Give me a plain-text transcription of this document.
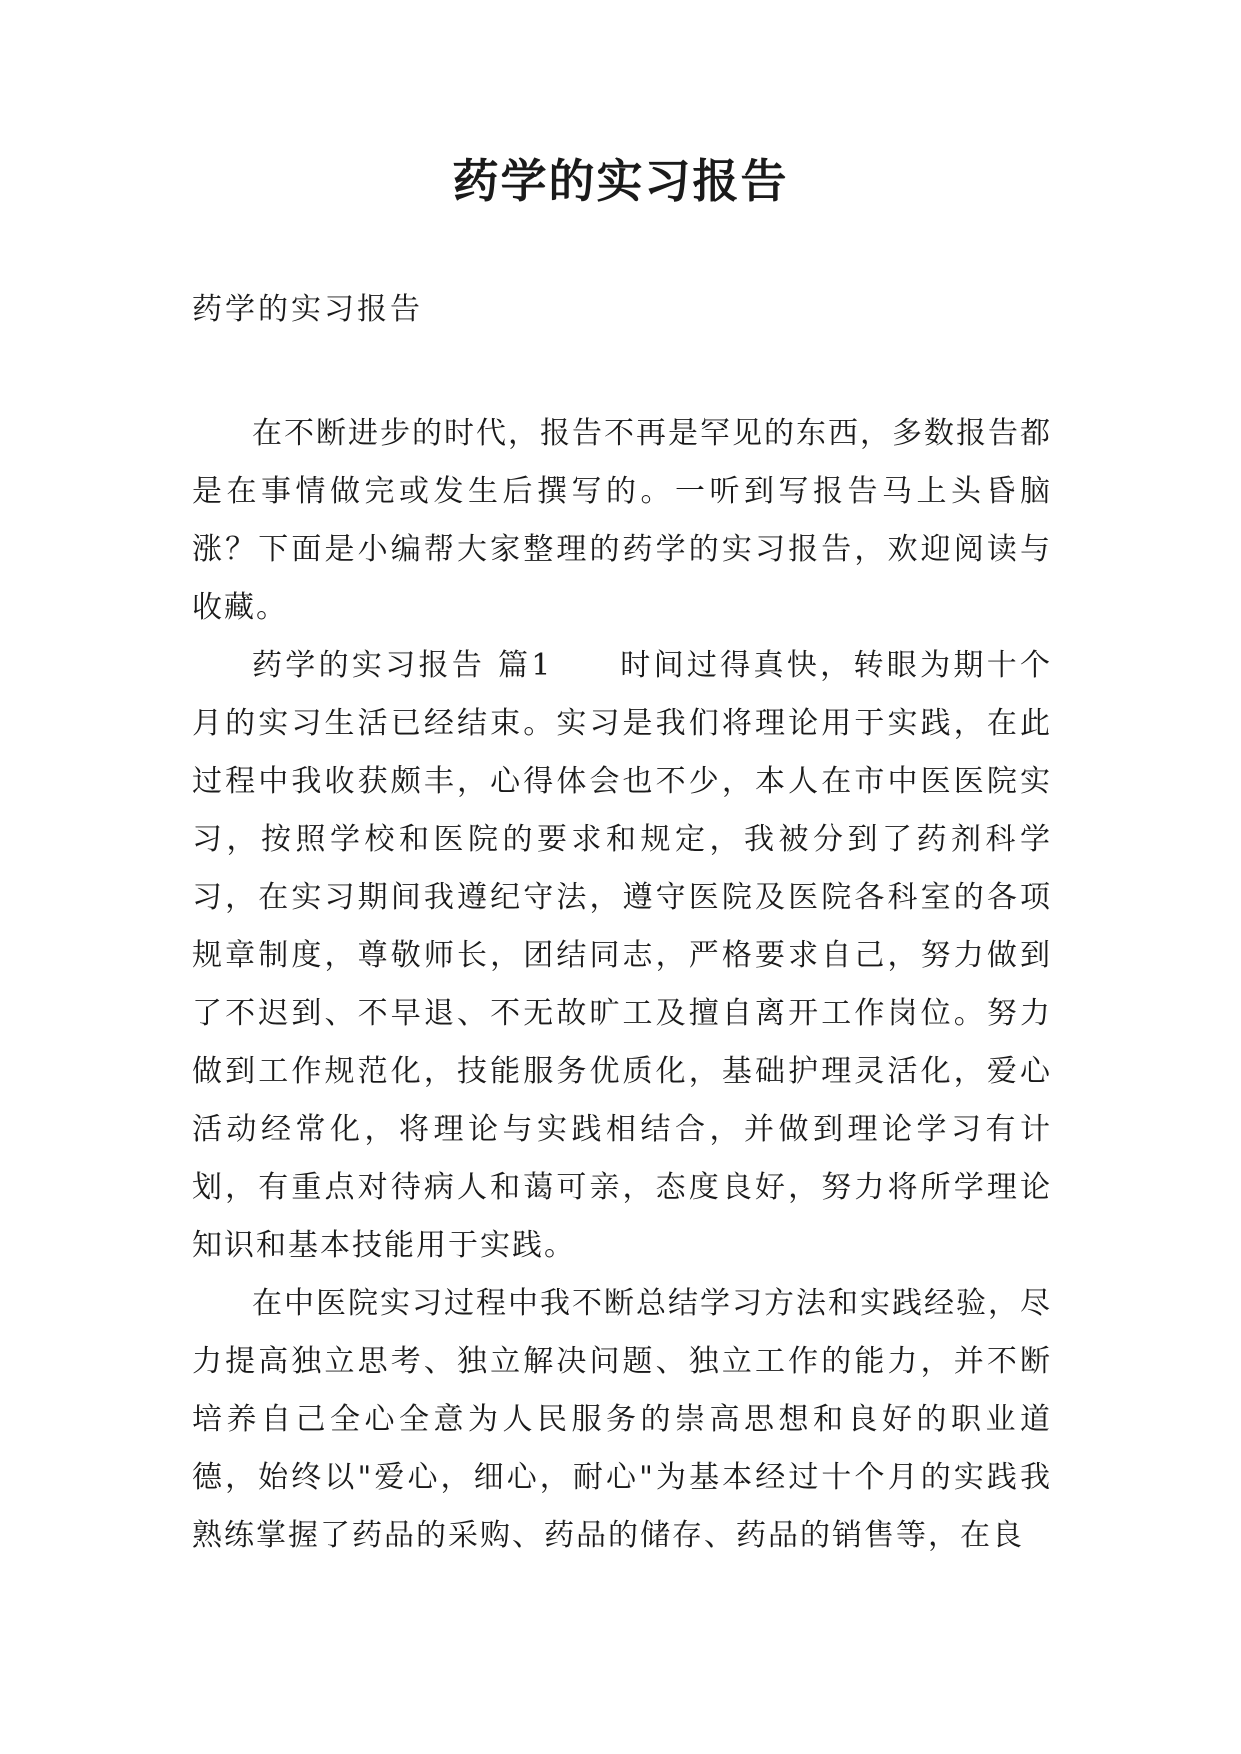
药学的实习报告

药学的实习报告

在不断进步的时代，报告不再是罕见的东西，多数报告都是在事情做完或发生后撰写的。一听到写报告马上头昏脑涨？下面是小编帮大家整理的药学的实习报告，欢迎阅读与收藏。

药学的实习报告 篇1　　时间过得真快，转眼为期十个月的实习生活已经结束。实习是我们将理论用于实践，在此过程中我收获颇丰，心得体会也不少，本人在市中医医院实习，按照学校和医院的要求和规定，我被分到了药剂科学习，在实习期间我遵纪守法，遵守医院及医院各科室的各项规章制度，尊敬师长，团结同志，严格要求自己，努力做到了不迟到、不早退、不无故旷工及擅自离开工作岗位。努力做到工作规范化，技能服务优质化，基础护理灵活化，爱心活动经常化，将理论与实践相结合，并做到理论学习有计划，有重点对待病人和蔼可亲，态度良好，努力将所学理论知识和基本技能用于实践。

在中医院实习过程中我不断总结学习方法和实践经验，尽力提高独立思考、独立解决问题、独立工作的能力，并不断培养自己全心全意为人民服务的崇高思想和良好的职业道德，始终以"爱心，细心，耐心"为基本经过十个月的实践我熟练掌握了药品的采购、药品的储存、药品的销售等，在良
